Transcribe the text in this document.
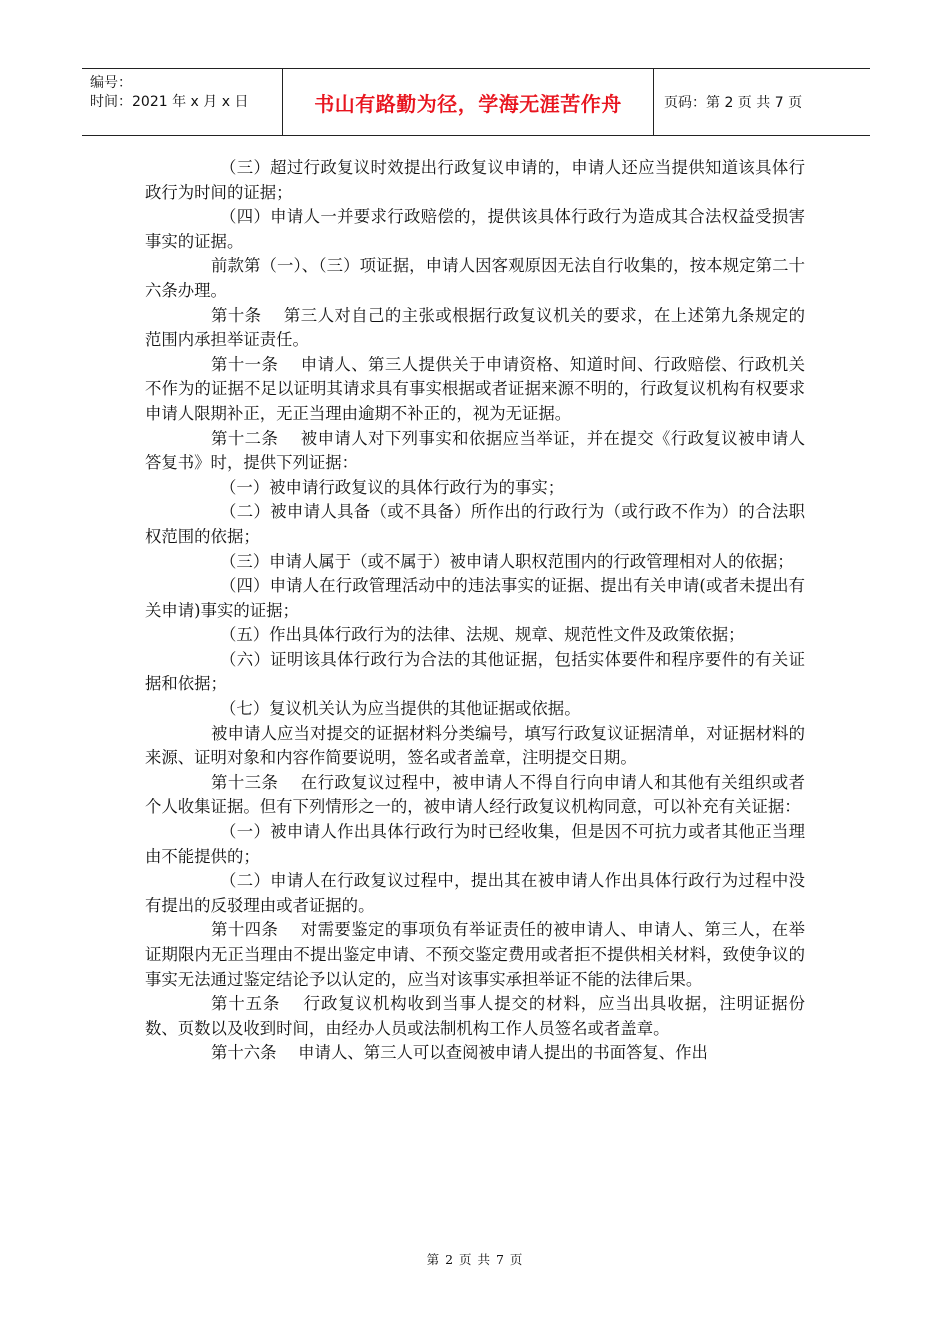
编号：
时间：2021 年 x 月 x 日	书山有路勤为径，学海无涯苦作舟	页码：第 2 页 共 7 页

（三）超过行政复议时效提出行政复议申请的，申请人还应当提供知道该具体行政行为时间的证据；

（四）申请人一并要求行政赔偿的，提供该具体行政行为造成其合法权益受损害事实的证据。

前款第（一）、（三）项证据，申请人因客观原因无法自行收集的，按本规定第二十六条办理。

第十条　 第三人对自己的主张或根据行政复议机关的要求，在上述第九条规定的范围内承担举证责任。

第十一条　 申请人、第三人提供关于申请资格、知道时间、行政赔偿、行政机关不作为的证据不足以证明其请求具有事实根据或者证据来源不明的，行政复议机构有权要求申请人限期补正，无正当理由逾期不补正的，视为无证据。

第十二条　 被申请人对下列事实和依据应当举证，并在提交《行政复议被申请人答复书》时，提供下列证据：

（一）被申请行政复议的具体行政行为的事实；

（二）被申请人具备（或不具备）所作出的行政行为（或行政不作为）的合法职权范围的依据；

（三）申请人属于（或不属于）被申请人职权范围内的行政管理相对人的依据；

（四）申请人在行政管理活动中的违法事实的证据、提出有关申请(或者未提出有关申请)事实的证据；

（五）作出具体行政行为的法律、法规、规章、规范性文件及政策依据；

（六）证明该具体行政行为合法的其他证据，包括实体要件和程序要件的有关证据和依据；

（七）复议机关认为应当提供的其他证据或依据。

被申请人应当对提交的证据材料分类编号，填写行政复议证据清单，对证据材料的来源、证明对象和内容作简要说明，签名或者盖章，注明提交日期。

第十三条　 在行政复议过程中，被申请人不得自行向申请人和其他有关组织或者个人收集证据。但有下列情形之一的，被申请人经行政复议机构同意，可以补充有关证据：

（一）被申请人作出具体行政行为时已经收集，但是因不可抗力或者其他正当理由不能提供的；

（二）申请人在行政复议过程中，提出其在被申请人作出具体行政行为过程中没有提出的反驳理由或者证据的。

第十四条　 对需要鉴定的事项负有举证责任的被申请人、申请人、第三人，在举证期限内无正当理由不提出鉴定申请、不预交鉴定费用或者拒不提供相关材料，致使争议的事实无法通过鉴定结论予以认定的，应当对该事实承担举证不能的法律后果。

第十五条　 行政复议机构收到当事人提交的材料，应当出具收据，注明证据份数、页数以及收到时间，由经办人员或法制机构工作人员签名或者盖章。

第十六条　 申请人、第三人可以查阅被申请人提出的书面答复、作出

第 2 页 共 7 页
